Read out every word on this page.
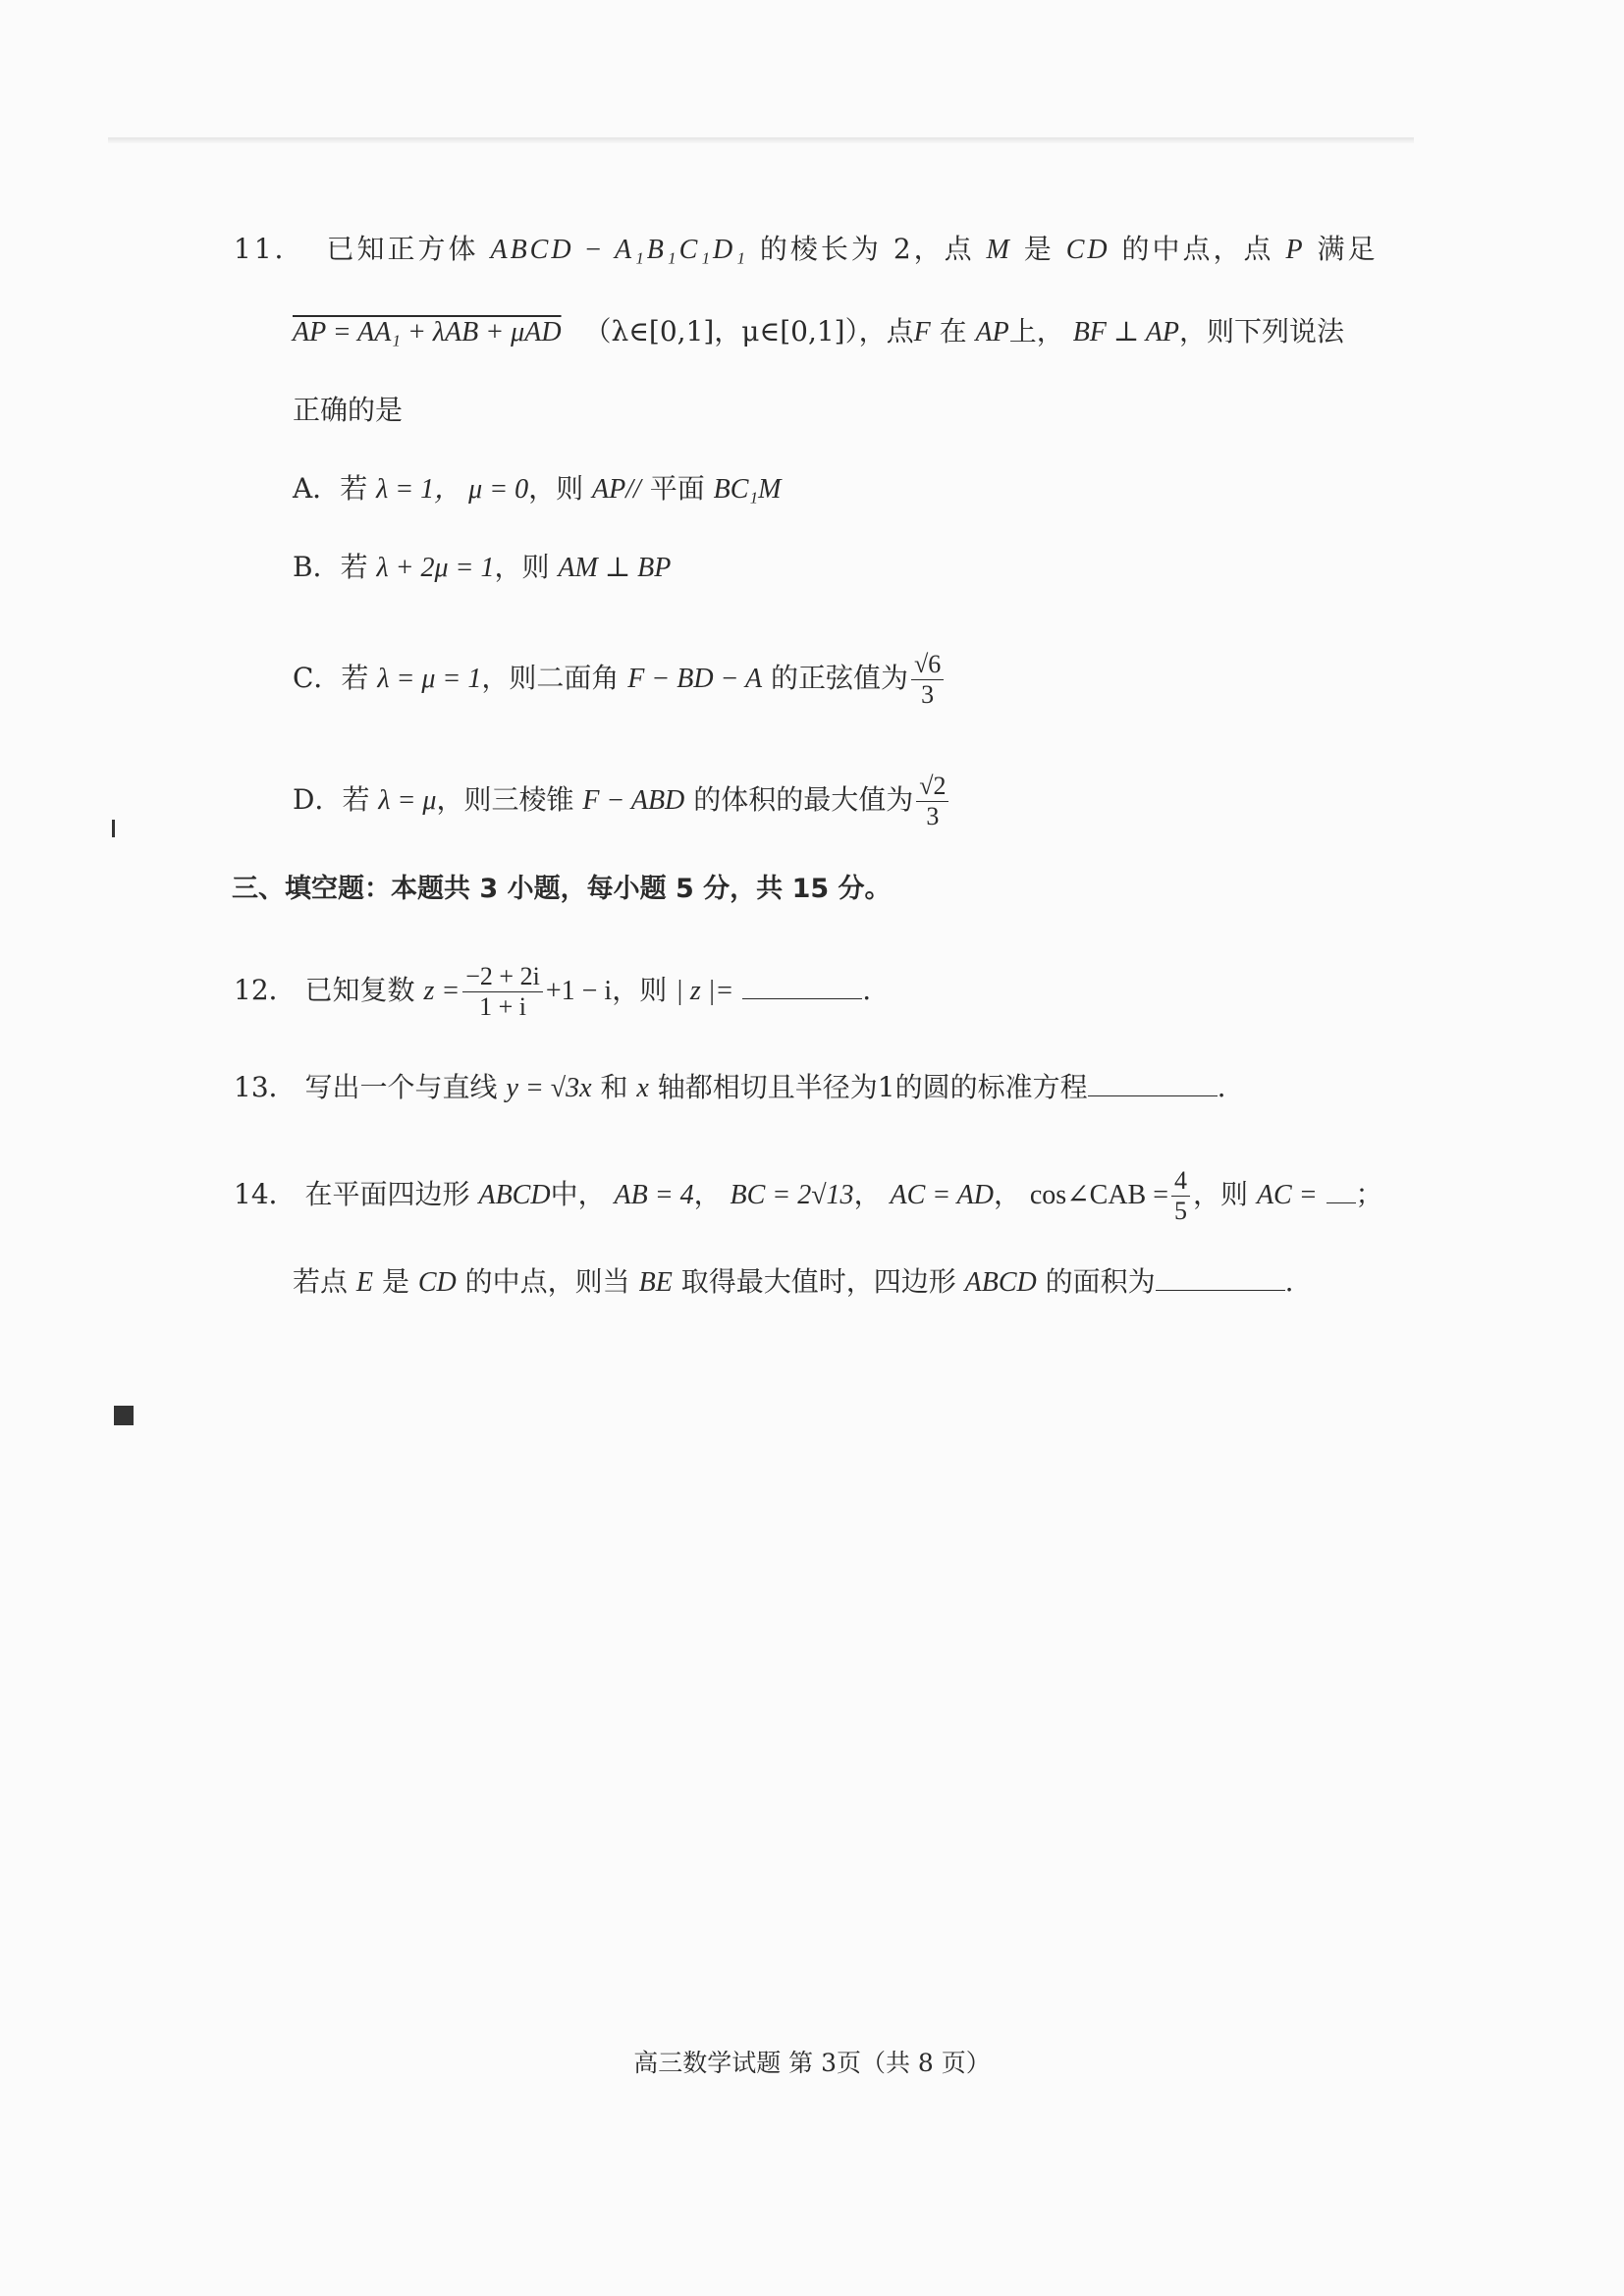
11． 已知正方体 ABCD − A₁B₁C₁D₁ 的棱长为 2，点 M 是 CD 的中点，点 P 满足
AP = AA₁ + λAB + μAD （λ∈[0,1]，μ∈[0,1]），点F 在 AP上， BF ⊥ AP，则下列说法
正确的是
A．若 λ = 1， μ = 0，则 AP// 平面 BC₁M
B．若 λ + 2μ = 1，则 AM ⊥ BP
C．若 λ = μ = 1，则二面角 F − BD − A 的正弦值为 $\frac{√6}{3}$
D．若 λ = μ，则三棱锥 F − ABD 的体积的最大值为 $\frac{√2}{3}$
三、填空题：本题共 3 小题，每小题 5 分，共 15 分。
12． 已知复数 $z = \frac{-2 + 2i}{1 + i} +1 - i$，则 | z |=	.
13． 写出一个与直线 y = √3x 和 x 轴都相切且半径为1的圆的标准方程	.
14． 在平面四边形 ABCD中， AB = 4， BC = 2√13， AC = AD， cos∠CAB = $\frac{4}{5}$ ，则 AC = ；
若点 E 是 CD 的中点，则当 BE 取得最大值时，四边形 ABCD 的面积为	.
高三数学试题 第 3页（共 8 页）
